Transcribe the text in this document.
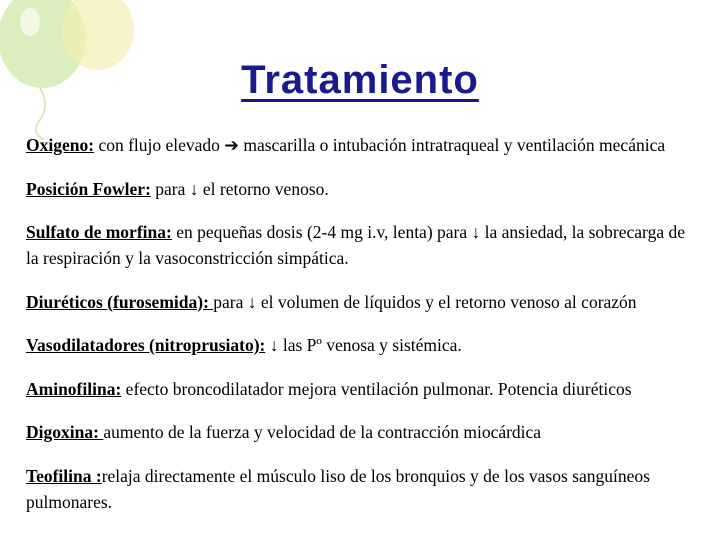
Tratamiento

Oxigeno: con flujo elevado ➔ mascarilla o intubación intratraqueal y ventilación mecánica

Posición Fowler: para ↓ el retorno venoso.

Sulfato de morfina: en pequeñas dosis (2-4 mg i.v, lenta) para ↓ la ansiedad, la sobrecarga de la respiración y la vasoconstricción simpática.

Diuréticos (furosemida): para ↓ el volumen de líquidos y el retorno venoso al corazón

Vasodilatadores (nitroprusiato): ↓ las Pº venosa y sistémica.

Aminofilina: efecto broncodilatador mejora ventilación pulmonar. Potencia diuréticos

Digoxina: aumento de la fuerza y velocidad de la contracción miocárdica

Teofilina :relaja directamente el músculo liso de los bronquios y de los vasos sanguíneos pulmonares.
